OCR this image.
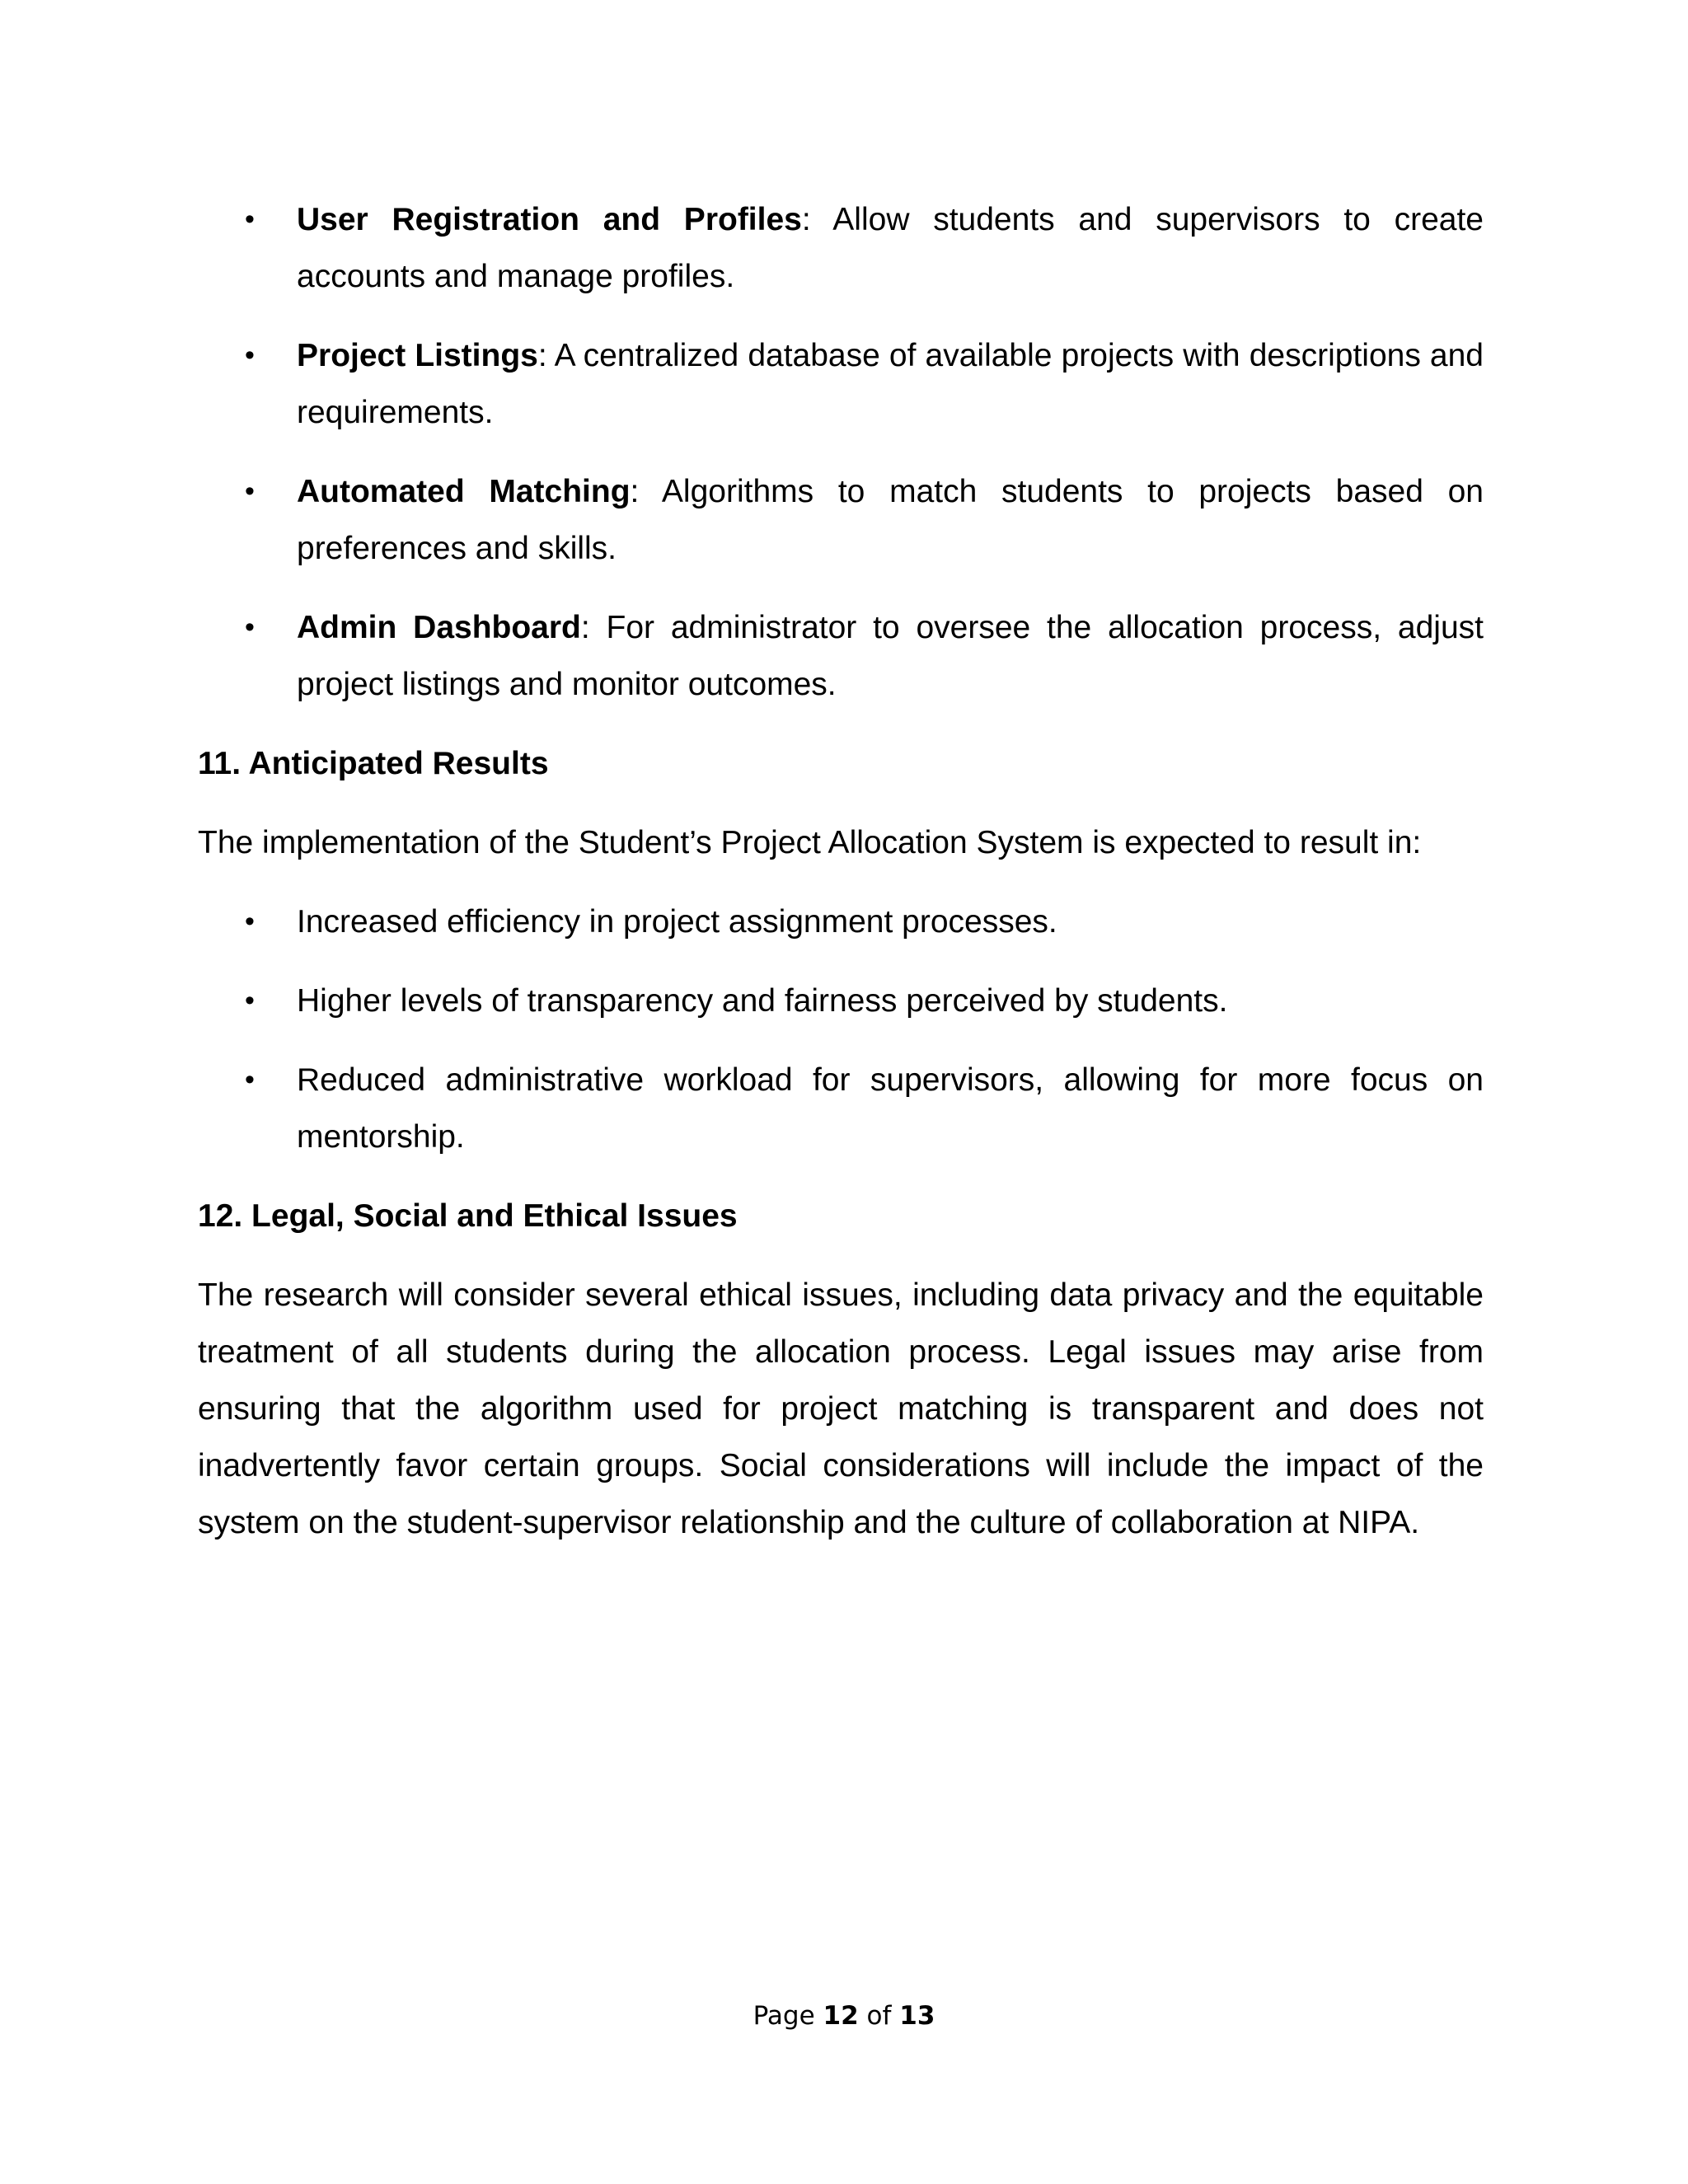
• User Registration and Profiles: Allow students and supervisors to create accounts and manage profiles.
• Project Listings: A centralized database of available projects with descriptions and requirements.
• Automated Matching: Algorithms to match students to projects based on preferences and skills.
• Admin Dashboard: For administrator to oversee the allocation process, adjust project listings and monitor outcomes.
11. Anticipated Results

The implementation of the Student’s Project Allocation System is expected to result in:

• Increased efficiency in project assignment processes.
• Higher levels of transparency and fairness perceived by students.
• Reduced administrative workload for supervisors, allowing for more focus on mentorship.
12. Legal, Social and Ethical Issues

The research will consider several ethical issues, including data privacy and the equitable treatment of all students during the allocation process. Legal issues may arise from ensuring that the algorithm used for project matching is transparent and does not inadvertently favor certain groups. Social considerations will include the impact of the system on the student-supervisor relationship and the culture of collaboration at NIPA.

Page 12 of 13
